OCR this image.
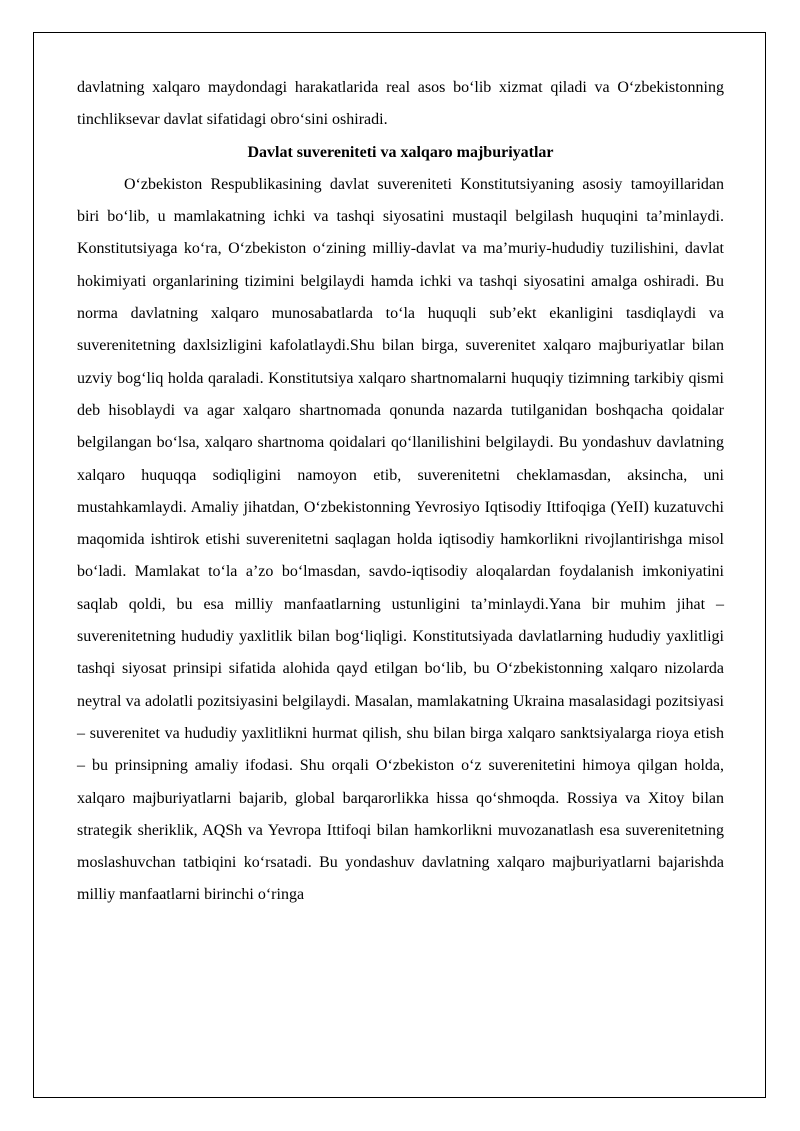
davlatning xalqaro maydondagi harakatlarida real asos bo‘lib xizmat qiladi va O‘zbekistonning tinchliksevar davlat sifatidagi obro‘sini oshiradi.

Davlat suvereniteti va xalqaro majburiyatlar

O‘zbekiston Respublikasining davlat suvereniteti Konstitutsiyaning asosiy tamoyillaridan biri bo‘lib, u mamlakatning ichki va tashqi siyosatini mustaqil belgilash huquqini ta’minlaydi. Konstitutsiyaga ko‘ra, O‘zbekiston o‘zining milliy-davlat va ma’muriy-hududiy tuzilishini, davlat hokimiyati organlarining tizimini belgilaydi hamda ichki va tashqi siyosatini amalga oshiradi. Bu norma davlatning xalqaro munosabatlarda to‘la huquqli sub’ekt ekanligini tasdiqlaydi va suverenitetning daxlsizligini kafolatlaydi.Shu bilan birga, suverenitet xalqaro majburiyatlar bilan uzviy bog‘liq holda qaraladi. Konstitutsiya xalqaro shartnomalarni huquqiy tizimning tarkibiy qismi deb hisoblaydi va agar xalqaro shartnomada qonunda nazarda tutilganidan boshqacha qoidalar belgilangan bo‘lsa, xalqaro shartnoma qoidalari qo‘llanilishini belgilaydi. Bu yondashuv davlatning xalqaro huquqqa sodiqligini namoyon etib, suverenitetni cheklamasdan, aksincha, uni mustahkamlaydi. Amaliy jihatdan, O‘zbekistonning Yevrosiyo Iqtisodiy Ittifoqiga (YeII) kuzatuvchi maqomida ishtirok etishi suverenitetni saqlagan holda iqtisodiy hamkorlikni rivojlantirishga misol bo‘ladi. Mamlakat to‘la a’zo bo‘lmasdan, savdo-iqtisodiy aloqalardan foydalanish imkoniyatini saqlab qoldi, bu esa milliy manfaatlarning ustunligini ta’minlaydi.Yana bir muhim jihat – suverenitetning hududiy yaxlitlik bilan bog‘liqligi. Konstitutsiyada davlatlarning hududiy yaxlitligi tashqi siyosat prinsipi sifatida alohida qayd etilgan bo‘lib, bu O‘zbekistonning xalqaro nizolarda neytral va adolatli pozitsiyasini belgilaydi. Masalan, mamlakatning Ukraina masalasidagi pozitsiyasi – suverenitet va hududiy yaxlitlikni hurmat qilish, shu bilan birga xalqaro sanktsiyalarga rioya etish – bu prinsipning amaliy ifodasi. Shu orqali O‘zbekiston o‘z suverenitetini himoya qilgan holda, xalqaro majburiyatlarni bajarib, global barqarorlikka hissa qo‘shmoqda. Rossiya va Xitoy bilan strategik sheriklik, AQSh va Yevropa Ittifoqi bilan hamkorlikni muvozanatlash esa suverenitetning moslashuvchan tatbiqini ko‘rsatadi. Bu yondashuv davlatning xalqaro majburiyatlarni bajarishda milliy manfaatlarni birinchi o‘ringa
